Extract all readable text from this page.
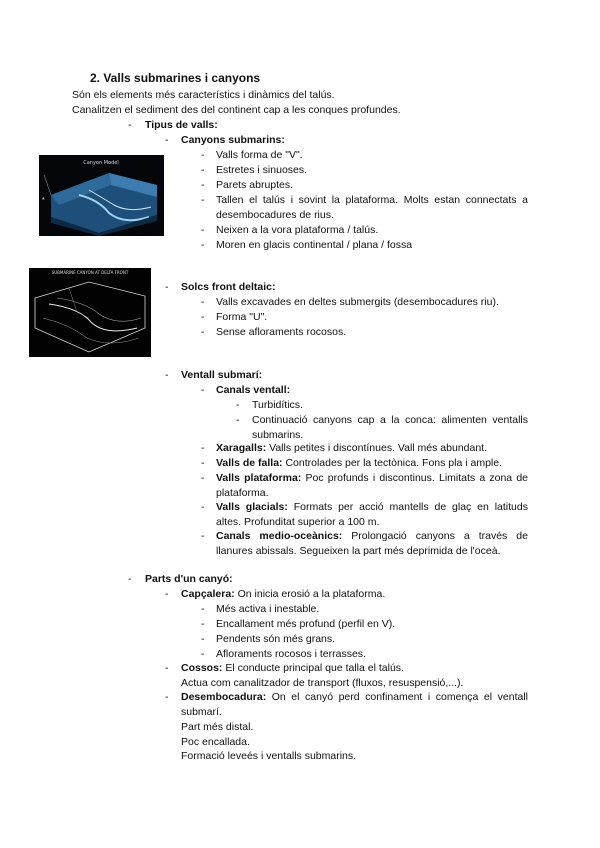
2. Valls submarines i canyons
Són els elements més característics i dinàmics del talús.
Canalitzen el sediment des del continent cap a les conques profundes.
- Tipus de valls:
- Canyons submarins:
Canyon Model
▲
- Valls forma de "V".
- Estretes i sinuoses.
- Parets abruptes.
- Tallen el talús i sovint la plataforma. Molts estan connectats a desembocadures de rius.
- Neixen a la vora plataforma / talús.
- Moren en glacis continental / plana / fossa
SUBMARINE CANYON AT DELTA FRONT
- Solcs front deltaic:
- Valls excavades en deltes submergits (desembocadures riu).
- Forma "U".
- Sense afloraments rocosos.
- Ventall submarí:
- Canals ventall:
- Turbidítics.
- Continuació canyons cap a la conca: alimenten ventalls submarins.
- Xaragalls: Valls petites i discontínues. Vall més abundant.
- Valls de falla: Controlades per la tectònica. Fons pla i ample.
- Valls plataforma: Poc profunds i discontinus. Limitats a zona de plataforma.
- Valls glacials: Formats per acció mantells de glaç en latituds altes. Profunditat superior a 100 m.
- Canals medio-oceànics: Prolongació canyons a través de llanures abissals. Segueixen la part més deprimida de l'oceà.
- Parts d'un canyó:
- Capçalera: On inicia erosió a la plataforma.
- Més activa i inestable.
- Encallament més profund (perfil en V).
- Pendents són més grans.
- Afloraments rocosos i terrasses.
- Cossos: El conducte principal que talla el talús.
Actua com canalitzador de transport (fluxos, resuspensió,...).
- Desembocadura: On el canyó perd confinament i comença el ventall submarí.
Part més distal.
Poc encallada.
Formació leveés i ventalls submarins.
